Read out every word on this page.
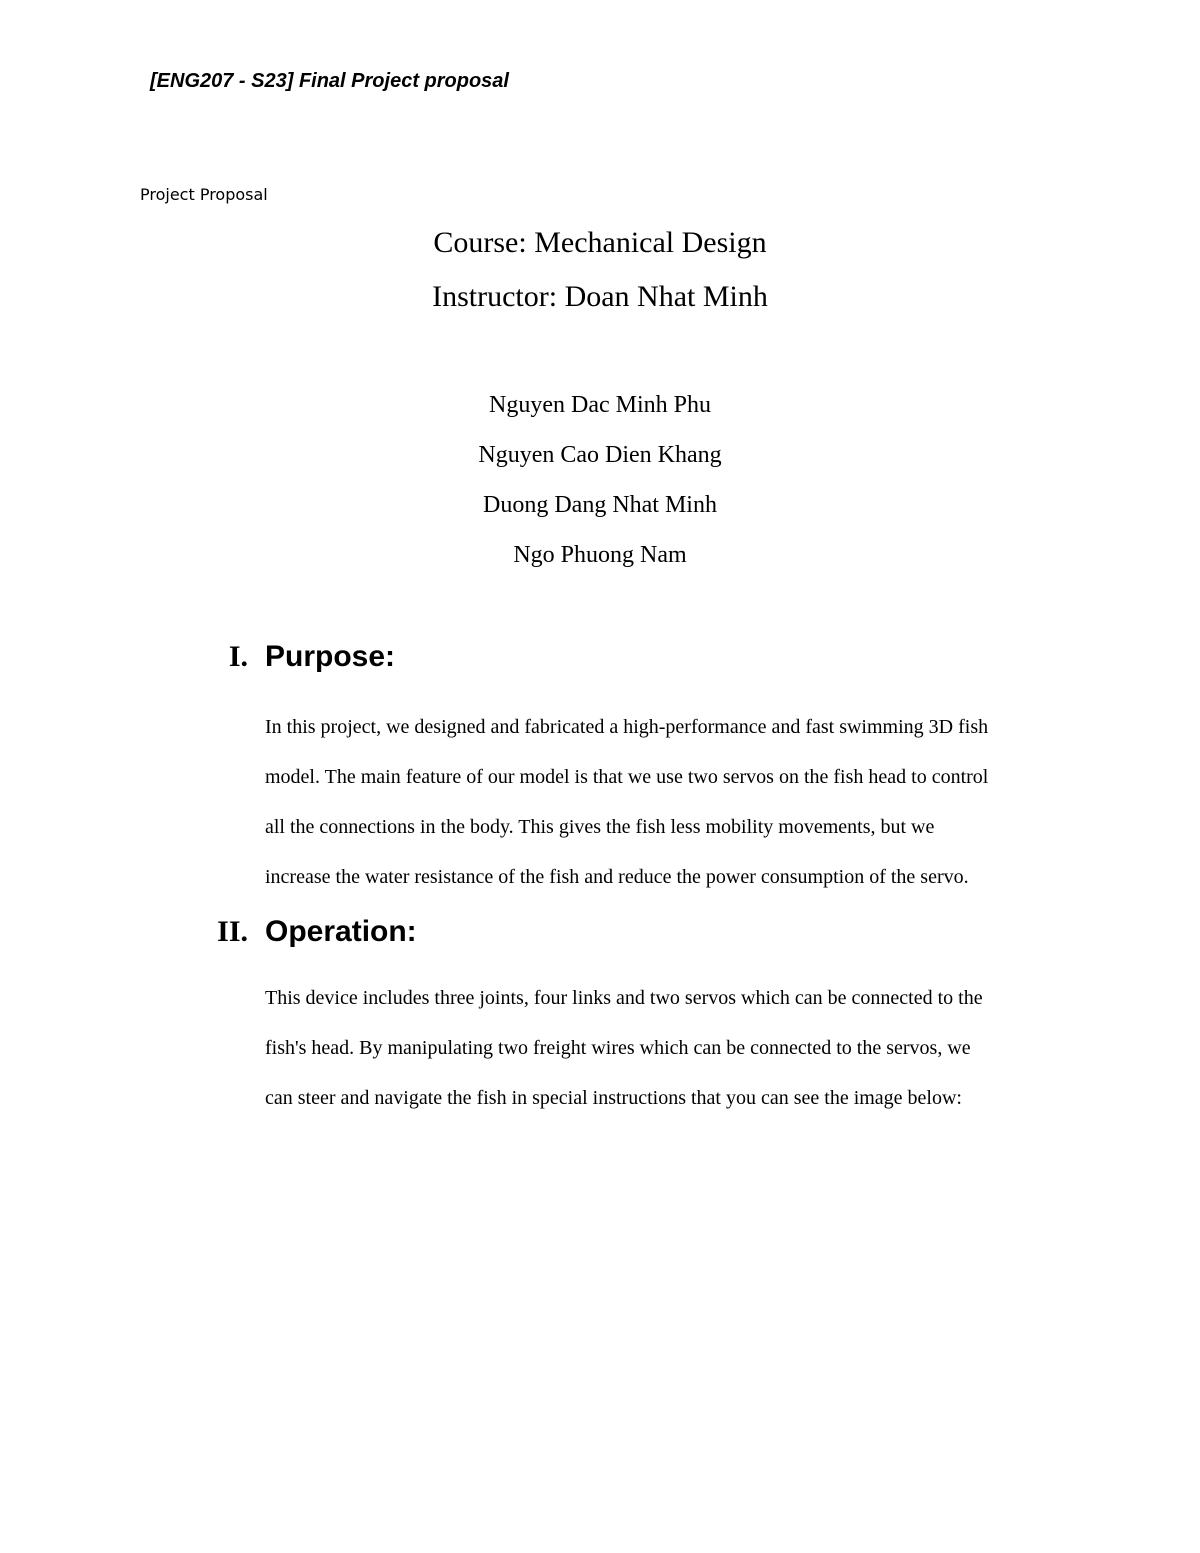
[ENG207 - S23] Final Project proposal
Project Proposal
Course: Mechanical Design
Instructor: Doan Nhat Minh
Nguyen Dac Minh Phu
Nguyen Cao Dien Khang
Duong Dang Nhat Minh
Ngo Phuong Nam
I. Purpose:
In this project, we designed and fabricated a high-performance and fast swimming 3D fish
model. The main feature of our model is that we use two servos on the fish head to control
all the connections in the body. This gives the fish less mobility movements, but we
increase the water resistance of the fish and reduce the power consumption of the servo.
II. Operation:
This device includes three joints, four links and two servos which can be connected to the
fish's head. By manipulating two freight wires which can be connected to the servos, we
can steer and navigate the fish in special instructions that you can see the image below:
